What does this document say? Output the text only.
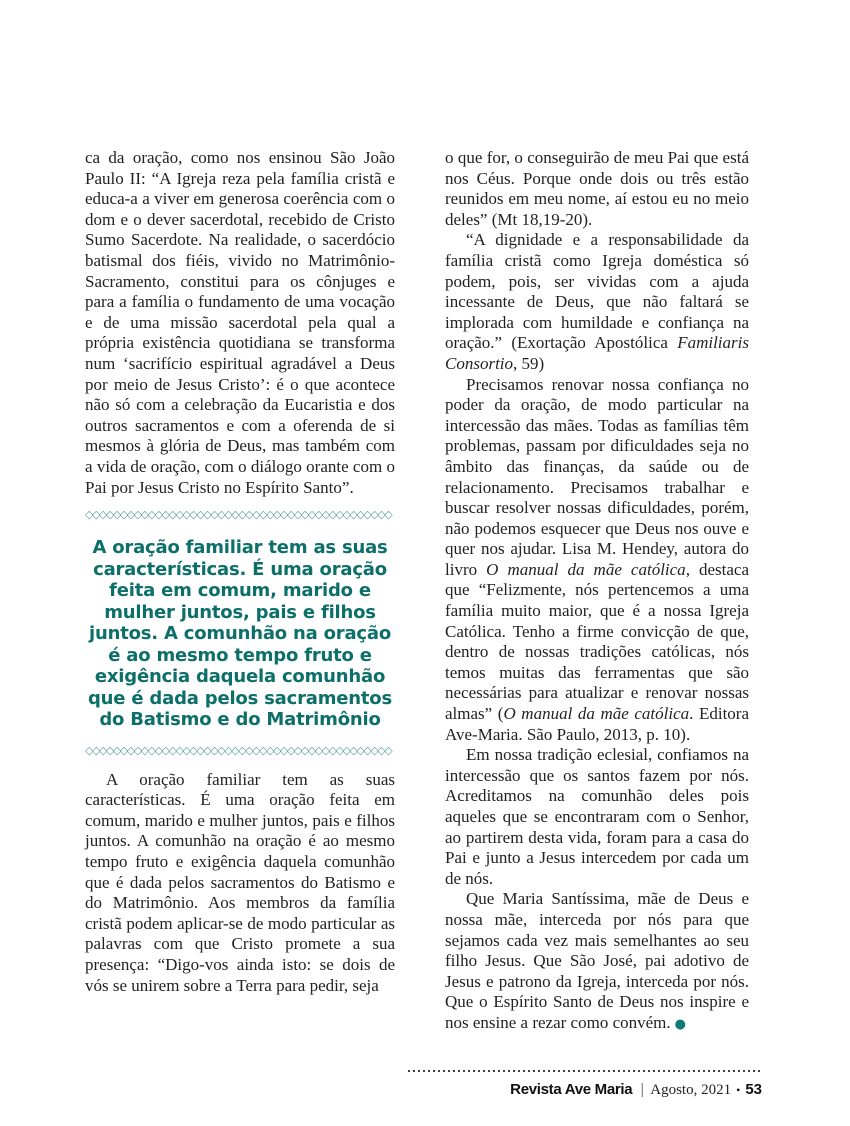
ca da oração, como nos ensinou São João Paulo II: “A Igreja reza pela família cristã e educa-a a viver em generosa coerência com o dom e o dever sacerdotal, recebido de Cristo Sumo Sacerdote. Na realidade, o sacerdócio batismal dos fiéis, vivido no Matrimônio-Sacramento, constitui para os cônjuges e para a família o fundamento de uma vocação e de uma missão sacerdotal pela qual a própria existência quotidiana se transforma num ‘sacrifício espiritual agradável a Deus por meio de Jesus Cristo’: é o que acontece não só com a celebração da Eucaristia e dos outros sacramentos e com a oferenda de si mesmos à glória de Deus, mas também com a vida de oração, com o diálogo orante com o Pai por Jesus Cristo no Espírito Santo”.

◇◇◇◇◇◇◇◇◇◇◇◇◇◇◇◇◇◇◇◇◇◇◇◇◇◇◇◇◇◇◇◇◇◇◇◇◇◇◇◇◇◇◇◇
A oração familiar tem as suas características. É uma oração feita em comum, marido e mulher juntos, pais e filhos juntos. A comunhão na oração é ao mesmo tempo fruto e exigência daquela comunhão que é dada pelos sacramentos do Batismo e do Matrimônio
◇◇◇◇◇◇◇◇◇◇◇◇◇◇◇◇◇◇◇◇◇◇◇◇◇◇◇◇◇◇◇◇◇◇◇◇◇◇◇◇◇◇◇◇

A oração familiar tem as suas características. É uma oração feita em comum, marido e mulher juntos, pais e filhos juntos. A comunhão na oração é ao mesmo tempo fruto e exigência daquela comunhão que é dada pelos sacramentos do Batismo e do Matrimônio. Aos membros da família cristã podem aplicar-se de modo particular as palavras com que Cristo promete a sua presença: “Digo-vos ainda isto: se dois de vós se unirem sobre a Terra para pedir, seja

o que for, o conseguirão de meu Pai que está nos Céus. Porque onde dois ou três estão reunidos em meu nome, aí estou eu no meio deles” (Mt 18,19-20).

“A dignidade e a responsabilidade da família cristã como Igreja doméstica só podem, pois, ser vividas com a ajuda incessante de Deus, que não faltará se implorada com humildade e confiança na oração.” (Exortação Apostólica Familiaris Consortio, 59)

Precisamos renovar nossa confiança no poder da oração, de modo particular na intercessão das mães. Todas as famílias têm problemas, passam por dificuldades seja no âmbito das finanças, da saúde ou de relacionamento. Precisamos trabalhar e buscar resolver nossas dificuldades, porém, não podemos esquecer que Deus nos ouve e quer nos ajudar. Lisa M. Hendey, autora do livro O manual da mãe católica, destaca que “Felizmente, nós pertencemos a uma família muito maior, que é a nossa Igreja Católica. Tenho a firme convicção de que, dentro de nossas tradições católicas, nós temos muitas das ferramentas que são necessárias para atualizar e renovar nossas almas” (O manual da mãe católica. Editora Ave-Maria. São Paulo, 2013, p. 10).

Em nossa tradição eclesial, confiamos na intercessão que os santos fazem por nós. Acreditamos na comunhão deles pois aqueles que se encontraram com o Senhor, ao partirem desta vida, foram para a casa do Pai e junto a Jesus intercedem por cada um de nós.

Que Maria Santíssima, mãe de Deus e nossa mãe, interceda por nós para que sejamos cada vez mais semelhantes ao seu filho Jesus. Que São José, pai adotivo de Jesus e patrono da Igreja, interceda por nós. Que o Espírito Santo de Deus nos inspire e nos ensine a rezar como convém. ●

Revista Ave Maria | Agosto, 2021 • 53
